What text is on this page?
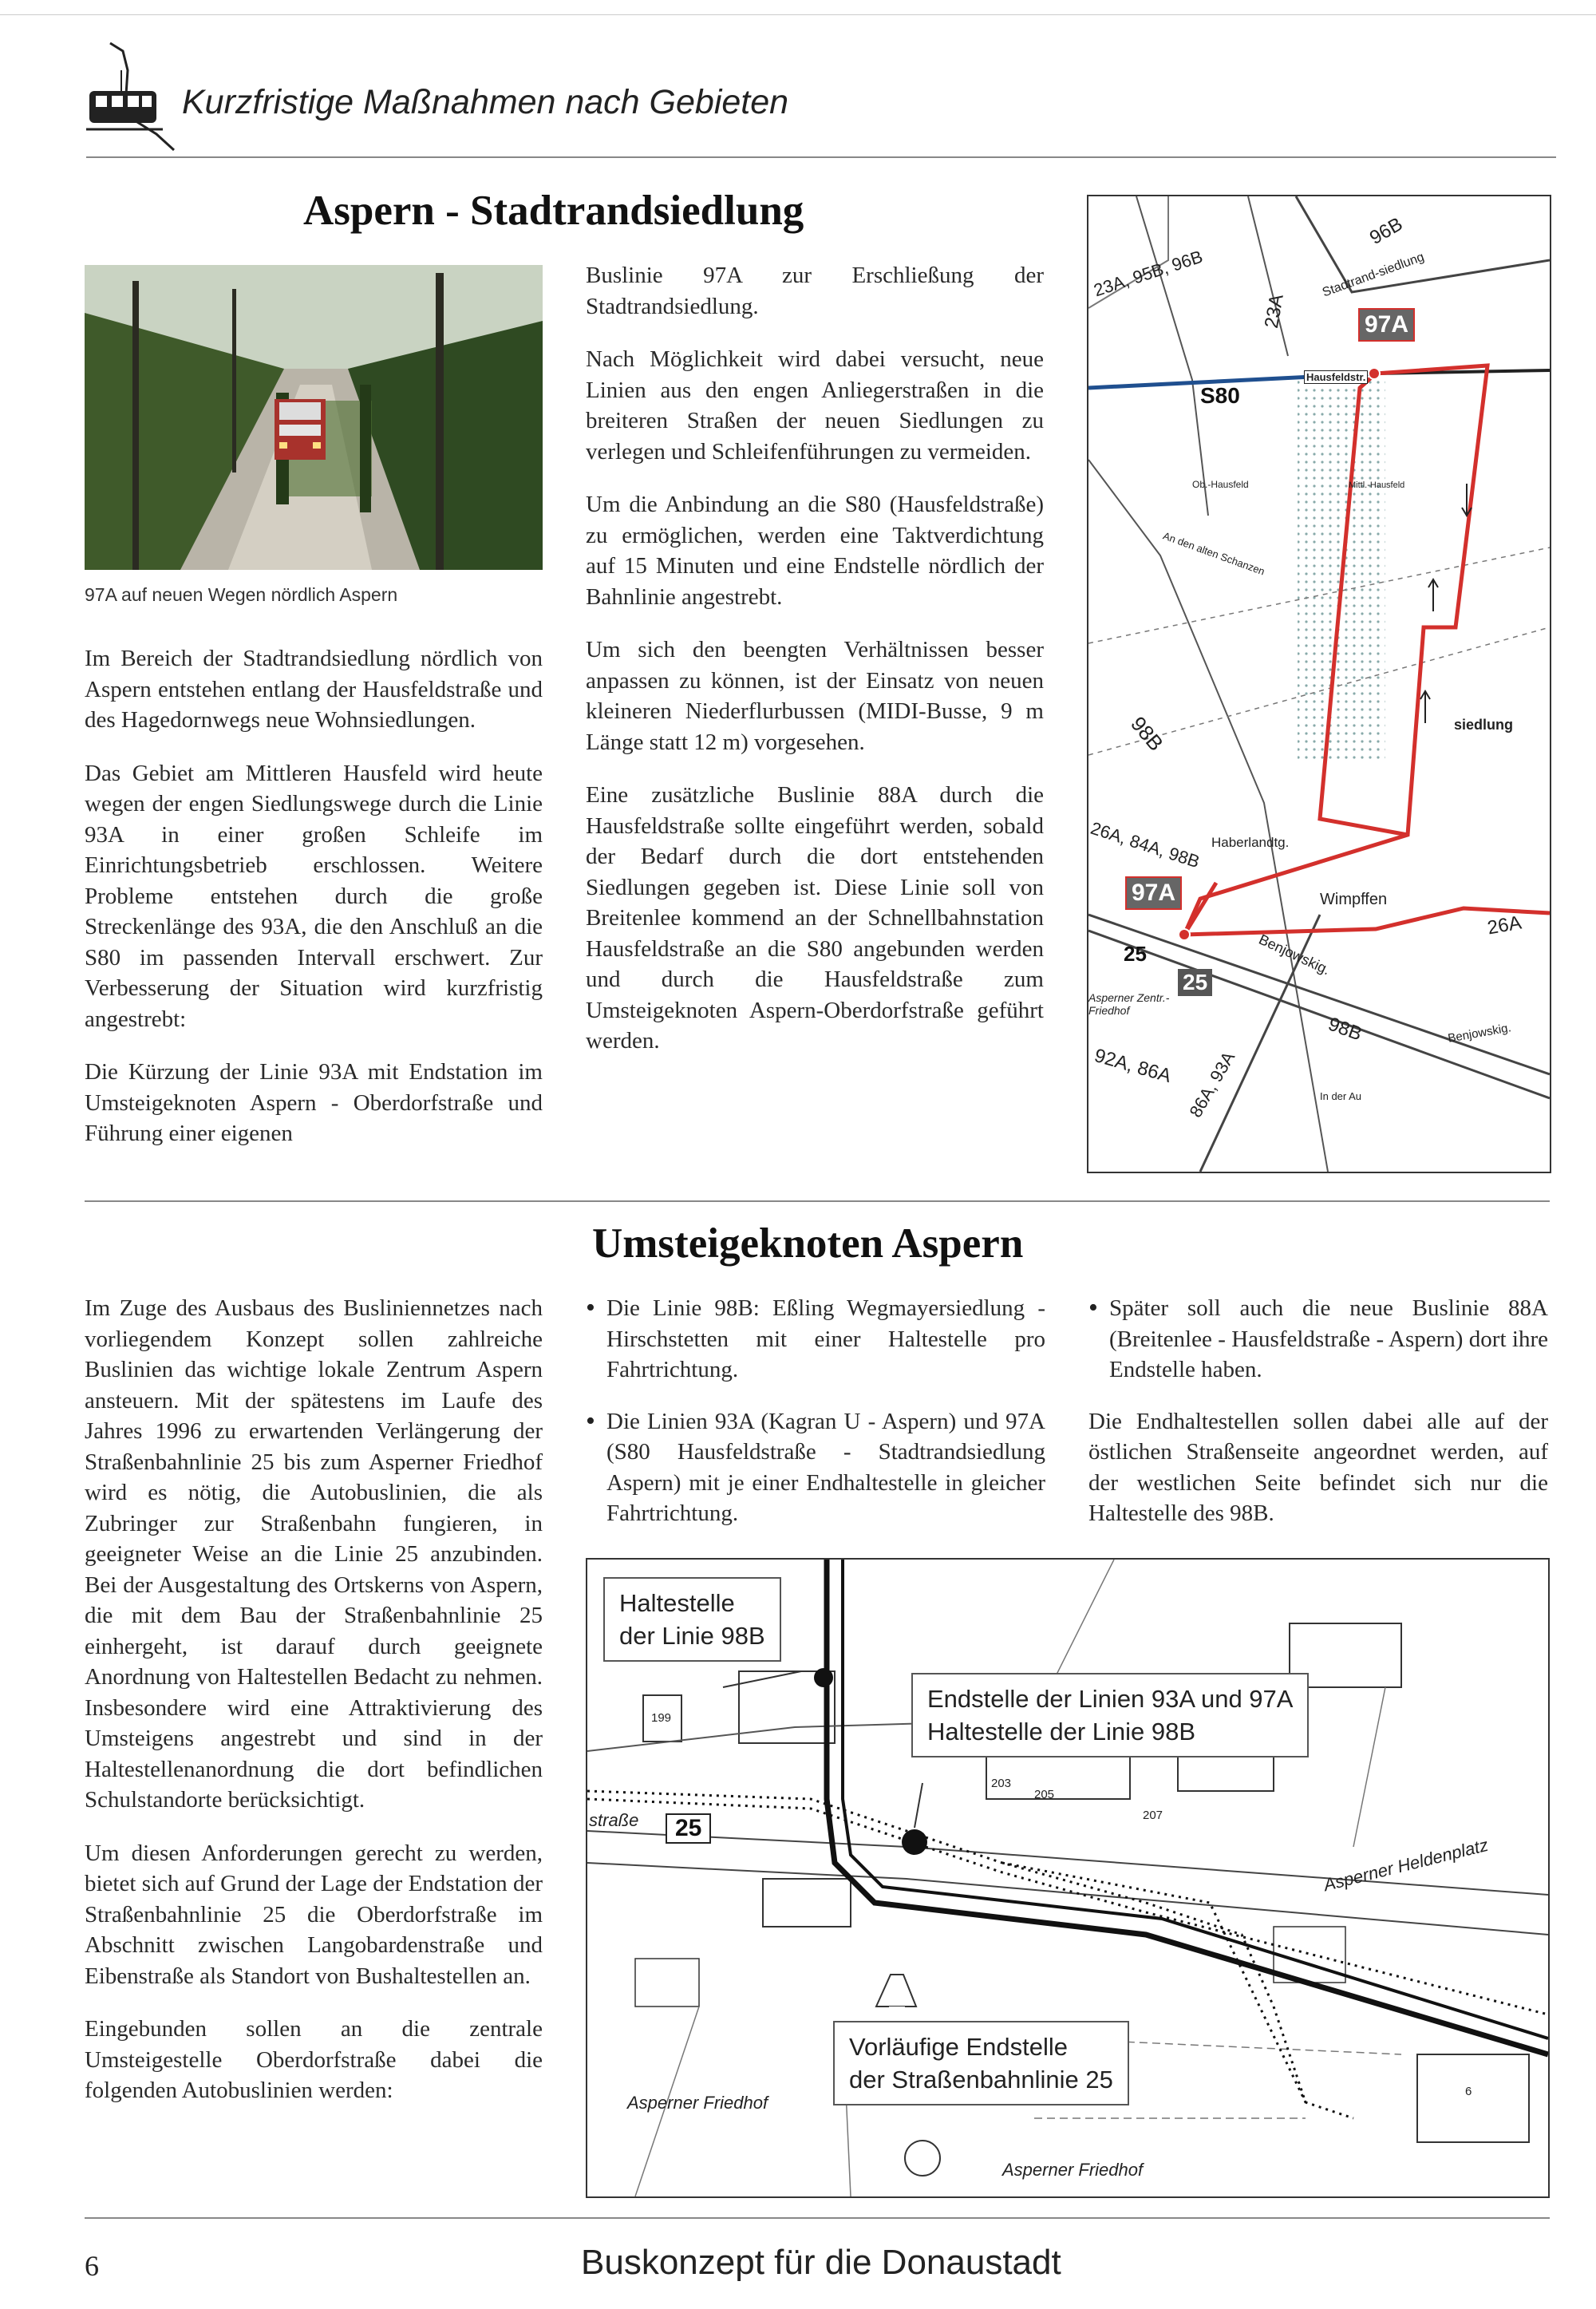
Kurzfristige Maßnahmen nach Gebieten
Aspern - Stadtrandsiedlung
97A auf neuen Wegen nördlich Aspern

Im Bereich der Stadtrandsiedlung nördlich von Aspern entstehen entlang der Hausfeldstraße und des Hagedornwegs neue Wohnsiedlungen.

Das Gebiet am Mittleren Hausfeld wird heute wegen der engen Siedlungswege durch die Linie 93A in einer großen Schleife im Einrichtungsbetrieb erschlossen. Weitere Probleme entstehen durch die große Streckenlänge des 93A, die den Anschluß an die S80 im passenden Intervall erschwert. Zur Verbesserung der Situation wird kurzfristig angestrebt:

Die Kürzung der Linie 93A mit Endstation im Umsteigeknoten Aspern - Oberdorfstraße und Führung einer eigenen

Buslinie 97A zur Erschließung der Stadtrandsiedlung.

Nach Möglichkeit wird dabei versucht, neue Linien aus den engen Anliegerstraßen in die breiteren Straßen der neuen Siedlungen zu verlegen und Schleifenführungen zu vermeiden.

Um die Anbindung an die S80 (Hausfeldstraße) zu ermöglichen, werden eine Taktverdichtung auf 15 Minuten und eine Endstelle nördlich der Bahnlinie angestrebt.

Um sich den beengten Verhältnissen besser anpassen zu können, ist der Einsatz von neuen kleineren Niederflurbussen (MIDI-Busse, 9 m Länge statt 12 m) vorgesehen.

Eine zusätzliche Buslinie 88A durch die Hausfeldstraße sollte eingeführt werden, sobald der Bedarf durch die dort entstehenden Siedlungen gegeben ist. Diese Linie soll von Breitenlee kommend an der Schnellbahnstation Hausfeldstraße an die S80 angebunden werden und durch die Hausfeldstraße zum Umsteigeknoten Aspern-Oberdorfstraße geführt werden.

97A
97A
S80
25
25
96B
23A, 95B, 96B
23A
98B
26A, 84A, 98B
26A
92A, 86A 86A, 93A
98B
Hausfeldstr.
Stadtrand-siedlung
Ob.-Hausfeld	Mittl.-Hausfeld
An den alten Schanzen
siedlung
Haberlandtg.
Wimpffen
Benjowskig.
Asperner Zentr.-Friedhof
In der Au
Benjowskig.
Umsteigeknoten Aspern

Im Zuge des Ausbaus des Busliniennetzes nach vorliegendem Konzept sollen zahlreiche Buslinien das wichtige lokale Zentrum Aspern ansteuern. Mit der spätestens im Laufe des Jahres 1996 zu erwartenden Verlängerung der Straßenbahnlinie 25 bis zum Asperner Friedhof wird es nötig, die Autobuslinien, die als Zubringer zur Straßenbahn fungieren, in geeigneter Weise an die Linie 25 anzubinden. Bei der Ausgestaltung des Ortskerns von Aspern, die mit dem Bau der Straßenbahnlinie 25 einhergeht, ist darauf durch geeignete Anordnung von Haltestellen Bedacht zu nehmen. Insbesondere wird eine Attraktivierung des Umsteigens angestrebt und sind in der Haltestellenanordnung die dort befindlichen Schulstandorte berücksichtigt.

Um diesen Anforderungen gerecht zu werden, bietet sich auf Grund der Lage der Endstation der Straßenbahnlinie 25 die Oberdorfstraße im Abschnitt zwischen Langobardenstraße und Eibenstraße als Standort von Bushaltestellen an.

Eingebunden sollen an die zentrale Umsteigestelle Oberdorfstraße dabei die folgenden Autobuslinien werden:

• Die Linie 98B: Eßling Wegmayersiedlung - Hirschstetten mit einer Haltestelle pro Fahrtrichtung.
• Die Linien 93A (Kagran U - Aspern) und 97A (S80 Hausfeldstraße - Stadtrandsiedlung Aspern) mit je einer Endhaltestelle in gleicher Fahrtrichtung.
• Später soll auch die neue Buslinie 88A (Breitenlee - Hausfeldstraße - Aspern) dort ihre Endstelle haben.

Die Endhaltestellen sollen dabei alle auf der östlichen Straßenseite angeordnet werden, auf der westlichen Seite befindet sich nur die Haltestelle des 98B.

Haltestelle
der Linie 98B
Endstelle der Linien 93A und 97A
Haltestelle der Linie 98B
Vorläufige Endstelle
der Straßenbahnlinie 25
25
199
203
205
207
6
Asperner Heldenplatz
Asperner Friedhof
Asperner Friedhof
straße
6	Buskonzept für die Donaustadt
